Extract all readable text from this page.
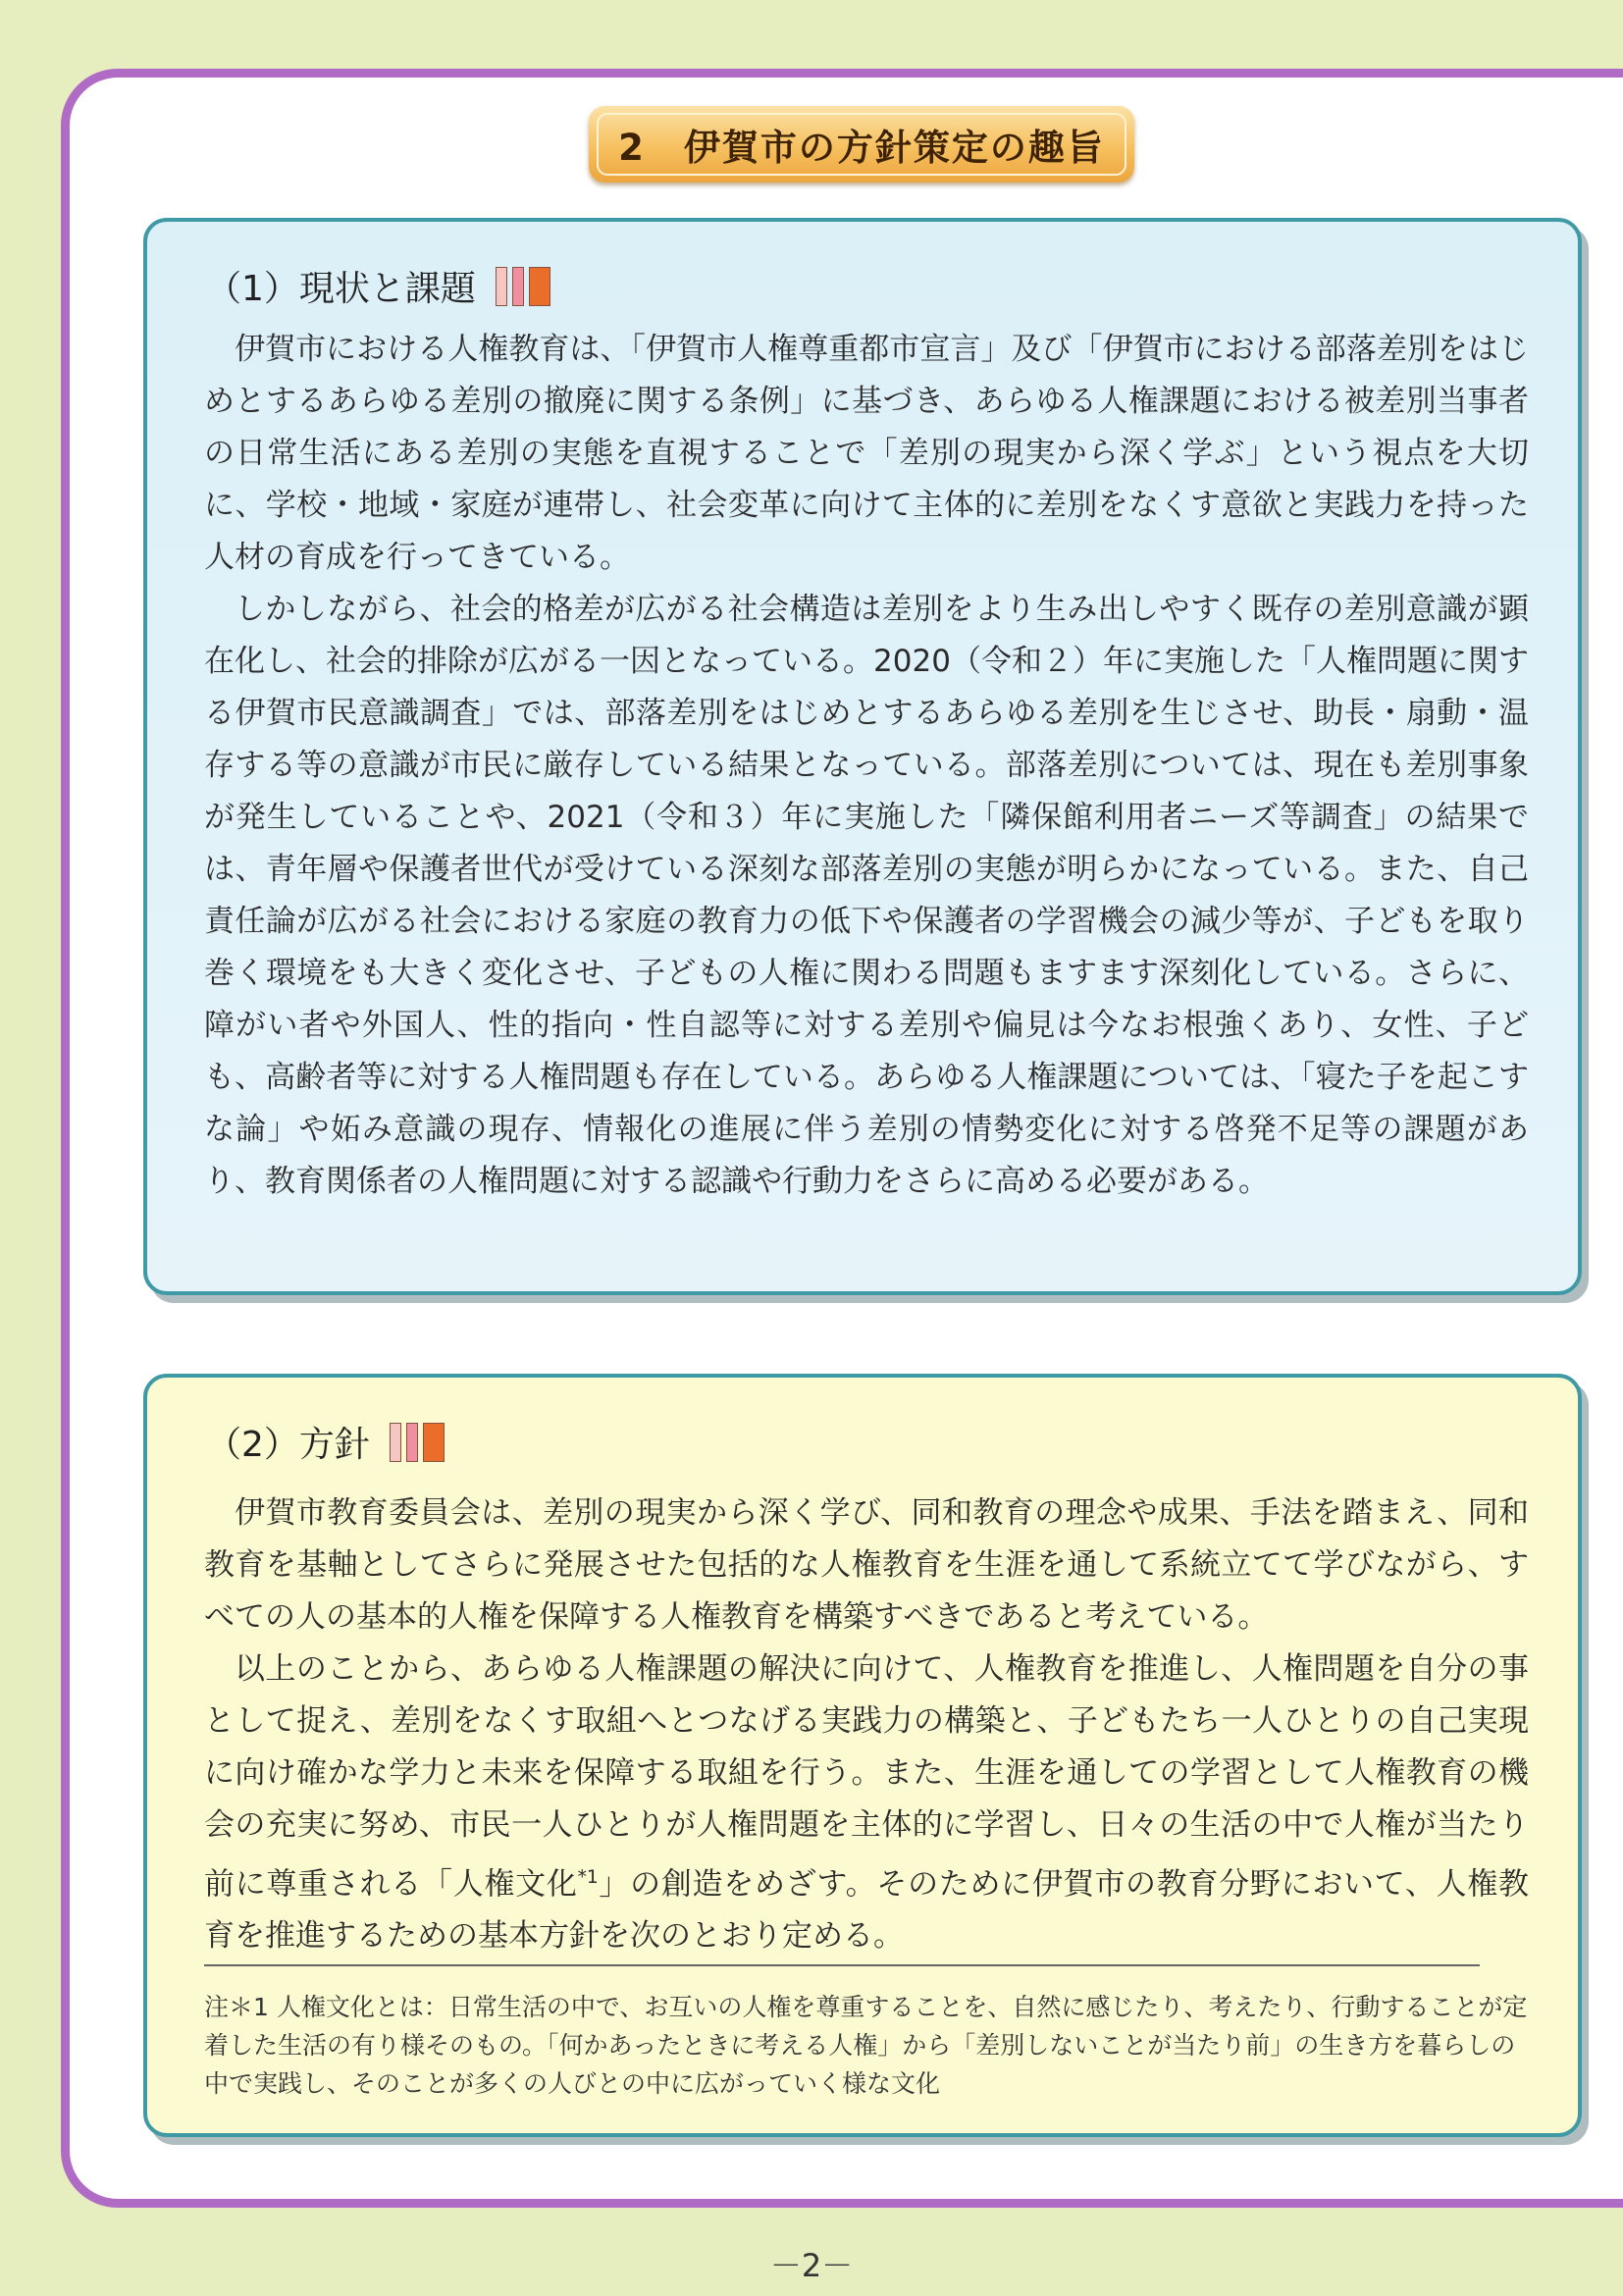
2　伊賀市の方針策定の趣旨
（1）現状と課題

伊賀市における人権教育は、「伊賀市人権尊重都市宣言」及び「伊賀市における部落差別をはじめとするあらゆる差別の撤廃に関する条例」に基づき、あらゆる人権課題における被差別当事者の日常生活にある差別の実態を直視することで「差別の現実から深く学ぶ」という視点を大切に、学校・地域・家庭が連帯し、社会変革に向けて主体的に差別をなくす意欲と実践力を持った人材の育成を行ってきている。

しかしながら、社会的格差が広がる社会構造は差別をより生み出しやすく既存の差別意識が顕在化し、社会的排除が広がる一因となっている。2020（令和２）年に実施した「人権問題に関する伊賀市民意識調査」では、部落差別をはじめとするあらゆる差別を生じさせ、助長・扇動・温存する等の意識が市民に厳存している結果となっている。部落差別については、現在も差別事象が発生していることや、2021（令和３）年に実施した「隣保館利用者ニーズ等調査」の結果では、青年層や保護者世代が受けている深刻な部落差別の実態が明らかになっている。また、自己責任論が広がる社会における家庭の教育力の低下や保護者の学習機会の減少等が、子どもを取り巻く環境をも大きく変化させ、子どもの人権に関わる問題もますます深刻化している。さらに、障がい者や外国人、性的指向・性自認等に対する差別や偏見は今なお根強くあり、女性、子ども、高齢者等に対する人権問題も存在している。あらゆる人権課題については、「寝た子を起こすな論」や妬み意識の現存、情報化の進展に伴う差別の情勢変化に対する啓発不足等の課題があり、教育関係者の人権問題に対する認識や行動力をさらに高める必要がある。

（2）方針

伊賀市教育委員会は、差別の現実から深く学び、同和教育の理念や成果、手法を踏まえ、同和教育を基軸としてさらに発展させた包括的な人権教育を生涯を通して系統立てて学びながら、すべての人の基本的人権を保障する人権教育を構築すべきであると考えている。

以上のことから、あらゆる人権課題の解決に向けて、人権教育を推進し、人権問題を自分の事として捉え、差別をなくす取組へとつなげる実践力の構築と、子どもたち一人ひとりの自己実現に向け確かな学力と未来を保障する取組を行う。また、生涯を通しての学習として人権教育の機会の充実に努め、市民一人ひとりが人権問題を主体的に学習し、日々の生活の中で人権が当たり前に尊重される「人権文化$^{*1}$」の創造をめざす。そのために伊賀市の教育分野において、人権教育を推進するための基本方針を次のとおり定める。

注＊1 人権文化とは：日常生活の中で、お互いの人権を尊重することを、自然に感じたり、考えたり、行動することが定着した生活の有り様そのもの。「何かあったときに考える人権」から「差別しないことが当たり前」の生き方を暮らしの中で実践し、そのことが多くの人びとの中に広がっていく様な文化
－2－
